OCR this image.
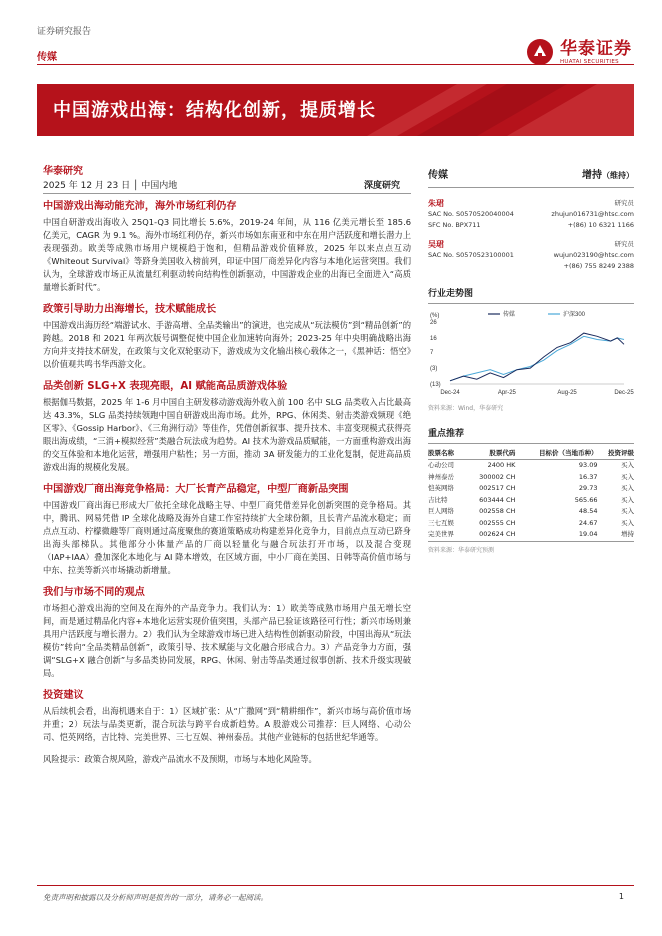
证券研究报告
传媒	华泰证券
HUATAI SECURITIES
中国游戏出海：结构化创新，提质增长
华泰研究
2025 年 12 月 23 日 │ 中国内地	深度研究
中国游戏出海动能充沛，海外市场红利仍存
中国自研游戏出海收入 25Q1-Q3 同比增长 5.6%，2019-24 年间，从 116 亿美元增长至 185.6 亿美元，CAGR 为 9.1 %。海外市场红利仍存，新兴市场如东南亚和中东在用户活跃度和增长潜力上表现强劲。欧美等成熟市场用户规模趋于饱和，但精品游戏价值释放，2025 年以来点点互动《Whiteout Survival》等跻身美国收入榜前列，印证中国厂商差异化内容与本地化运营突围。我们认为，全球游戏市场正从流量红利驱动转向结构性创新驱动，中国游戏企业的出海已全面进入“高质量增长新时代”。
政策引导助力出海增长，技术赋能成长
中国游戏出海历经“端游试水、手游高增、全品类输出”的演进，也完成从“玩法模仿”到“精品创新”的跨越。2018 和 2021 年两次版号调整促使中国企业加速转向海外；2023-25 年中央明确战略出海方向并支持技术研发，在政策与文化双轮驱动下，游戏成为文化输出核心载体之一，《黑神话：悟空》以价值观共鸣书华西游文化。
品类创新 SLG+X 表现亮眼，AI 赋能高品质游戏体验
根据伽马数据，2025 年 1-6 月中国自主研发移动游戏海外收入前 100 名中 SLG 品类收入占比最高达 43.3%，SLG 品类持续领跑中国自研游戏出海市场。此外，RPG、休闲类、射击类游戏频现《绝区零》、《Gossip Harbor》、《三角洲行动》等佳作，凭借创新叙事、提升技术、丰富变现模式获得亮眼出海成绩，“三消+模拟经营”类融合玩法成为趋势。AI 技术为游戏品质赋能，一方面重构游戏出海的交互体验和本地化运营，增强用户粘性；另一方面，推动 3A 研发能力的工业化复制，促进高品质游戏出海的规模化发展。
中国游戏厂商出海竞争格局：大厂长青产品稳定，中型厂商新品突围
中国游戏厂商出海已形成大厂依托全球化战略主导、中型厂商凭借差异化创新突围的竞争格局。其中，腾讯、网易凭借 IP 全球化战略及海外自建工作室持续扩大全球份额，且长青产品流水稳定；而点点互动、柠檬微趣等厂商则通过高度聚焦的赛道策略成功构建差异化竞争力，目前点点互动已跻身出海头部梯队。其他部分小体量产品的厂商以轻量化与融合玩法打开市场，以及混合变现（IAP+IAA）叠加深化本地化与 AI 降本增效，在区域方面，中小厂商在美国、日韩等高价值市场与中东、拉美等新兴市场撬动新增量。
我们与市场不同的观点
市场担心游戏出海的空间及在海外的产品竞争力。我们认为：1）欧美等成熟市场用户虽无增长空间，而是通过精品化内容+本地化运营实现价值突围，头部产品已验证该路径可行性；新兴市场则兼具用户活跃度与增长潜力。2）我们认为全球游戏市场已进入结构性创新驱动阶段，中国出海从“玩法模仿”转向“全品类精品创新”，政策引导、技术赋能与文化融合形成合力。3）产品竞争力方面，强调“SLG+X 融合创新”与多品类协同发展，RPG、休闲、射击等品类通过叙事创新、技术升级实现破局。
投资建议
从后续机会看，出海机遇来自于：1）区域扩张：从“广撒网”到“精耕细作”，新兴市场与高价值市场并重；2）玩法与品类更新，混合玩法与跨平台成新趋势。A 股游戏公司推荐：巨人网络、心动公司、恺英网络，吉比特、完美世界、三七互娱、神州泰岳。其他产业链标的包括世纪华通等。
风险提示：政策合规风险，游戏产品流水不及预期，市场与本地化风险等。
传媒	增持（维持）
朱珺	研究员
SAC No. S0570520040004	zhujun016731@htsc.com
SFC No. BPX711	+(86) 10 6321 1166
吴珺	研究员
SAC No. S0570523100001	wujun023190@htsc.com
+(86) 755 8249 2388
行业走势图
(%)
26
16
7
(3)
(13)
Dec-24	Apr-25	Aug-25	Dec-25
传媒	沪深300
资料来源：Wind，华泰研究
重点推荐
股票名称	股票代码	目标价（当地币种）	投资评级
心动公司	2400 HK	93.09	买入
神州泰岳	300002 CH	16.37	买入
恺英网络	002517 CH	29.73	买入
吉比特	603444 CH	565.66	买入
巨人网络	002558 CH	48.54	买入
三七互娱	002555 CH	24.67	买入
完美世界	002624 CH	19.04	增持
资料来源：华泰研究预测
免责声明和披露以及分析师声明是报告的一部分，请务必一起阅读。	1
